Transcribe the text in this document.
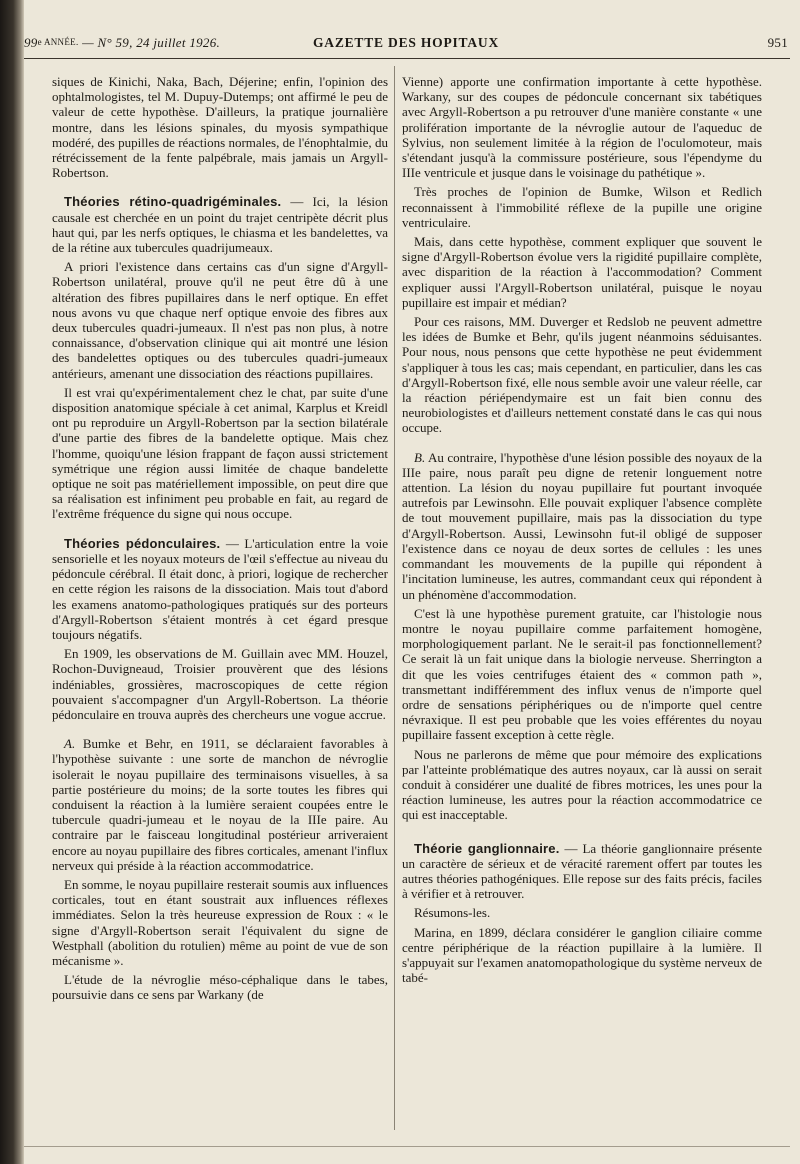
99e ANNÉE. — N° 59, 24 juillet 1926.	GAZETTE DES HOPITAUX	951

siques de Kinichi, Naka, Bach, Déjerine; enfin, l'opinion des ophtalmologistes, tel M. Dupuy-Dutemps; ont affirmé le peu de valeur de cette hypothèse. D'ailleurs, la pratique journalière montre, dans les lésions spinales, du myosis sympathique modéré, des pupilles de réactions normales, de l'énophtalmie, du rétrécissement de la fente palpébrale, mais jamais un Argyll-Robertson.

Théories rétino-quadrigéminales. — Ici, la lésion causale est cherchée en un point du trajet centripète décrit plus haut qui, par les nerfs optiques, le chiasma et les bandelettes, va de la rétine aux tubercules quadrijumeaux.

A priori l'existence dans certains cas d'un signe d'Argyll-Robertson unilatéral, prouve qu'il ne peut être dû à une altération des fibres pupillaires dans le nerf optique. En effet nous avons vu que chaque nerf optique envoie des fibres aux deux tubercules quadri-jumeaux. Il n'est pas non plus, à notre connaissance, d'observation clinique qui ait montré une lésion des bandelettes optiques ou des tubercules quadri-jumeaux antérieurs, amenant une dissociation des réactions pupillaires.

Il est vrai qu'expérimentalement chez le chat, par suite d'une disposition anatomique spéciale à cet animal, Karplus et Kreidl ont pu reproduire un Argyll-Robertson par la section bilatérale d'une partie des fibres de la bandelette optique. Mais chez l'homme, quoiqu'une lésion frappant de façon aussi strictement symétrique une région aussi limitée de chaque bandelette optique ne soit pas matériellement impossible, on peut dire que sa réalisation est infiniment peu probable en fait, au regard de l'extrême fréquence du signe qui nous occupe.

Théories pédonculaires. — L'articulation entre la voie sensorielle et les noyaux moteurs de l'œil s'effectue au niveau du pédoncule cérébral. Il était donc, à priori, logique de rechercher en cette région les raisons de la dissociation. Mais tout d'abord les examens anatomo-pathologiques pratiqués sur des porteurs d'Argyll-Robertson s'étaient montrés à cet égard presque toujours négatifs.

En 1909, les observations de M. Guillain avec MM. Houzel, Rochon-Duvigneaud, Troisier prouvèrent que des lésions indéniables, grossières, macroscopiques de cette région pouvaient s'accompagner d'un Argyll-Robertson. La théorie pédonculaire en trouva auprès des chercheurs une vogue accrue.

A. Bumke et Behr, en 1911, se déclaraient favorables à l'hypothèse suivante : une sorte de manchon de névroglie isolerait le noyau pupillaire des terminaisons visuelles, à sa partie postérieure du moins; de la sorte toutes les fibres qui conduisent la réaction à la lumière seraient coupées entre le tubercule quadri-jumeau et le noyau de la IIIe paire. Au contraire par le faisceau longitudinal postérieur arriveraient encore au noyau pupillaire des fibres corticales, amenant l'influx nerveux qui préside à la réaction accommodatrice.

En somme, le noyau pupillaire resterait soumis aux influences corticales, tout en étant soustrait aux influences réflexes immédiates. Selon la très heureuse expression de Roux : « le signe d'Argyll-Robertson serait l'équivalent du signe de Westphall (abolition du rotulien) même au point de vue de son mécanisme ».

L'étude de la névroglie méso-céphalique dans le tabes, poursuivie dans ce sens par Warkany (de

Vienne) apporte une confirmation importante à cette hypothèse. Warkany, sur des coupes de pédoncule concernant six tabétiques avec Argyll-Robertson a pu retrouver d'une manière constante « une prolifération importante de la névroglie autour de l'aqueduc de Sylvius, non seulement limitée à la région de l'oculomoteur, mais s'étendant jusqu'à la commissure postérieure, sous l'épendyme du IIIe ventricule et jusque dans le voisinage du pathétique ».

Très proches de l'opinion de Bumke, Wilson et Redlich reconnaissent à l'immobilité réflexe de la pupille une origine ventriculaire.

Mais, dans cette hypothèse, comment expliquer que souvent le signe d'Argyll-Robertson évolue vers la rigidité pupillaire complète, avec disparition de la réaction à l'accommodation? Comment expliquer aussi l'Argyll-Robertson unilatéral, puisque le noyau pupillaire est impair et médian?

Pour ces raisons, MM. Duverger et Redslob ne peuvent admettre les idées de Bumke et Behr, qu'ils jugent néanmoins séduisantes. Pour nous, nous pensons que cette hypothèse ne peut évidemment s'appliquer à tous les cas; mais cependant, en particulier, dans les cas d'Argyll-Robertson fixé, elle nous semble avoir une valeur réelle, car la réaction périépendymaire est un fait bien connu des neurobiologistes et d'ailleurs nettement constaté dans le cas qui nous occupe.

B. Au contraire, l'hypothèse d'une lésion possible des noyaux de la IIIe paire, nous paraît peu digne de retenir longuement notre attention. La lésion du noyau pupillaire fut pourtant invoquée autrefois par Lewinsohn. Elle pouvait expliquer l'absence complète de tout mouvement pupillaire, mais pas la dissociation du type d'Argyll-Robertson. Aussi, Lewinsohn fut-il obligé de supposer l'existence dans ce noyau de deux sortes de cellules : les unes commandant les mouvements de la pupille qui répondent à l'incitation lumineuse, les autres, commandant ceux qui répondent à un phénomène d'accommodation.

C'est là une hypothèse purement gratuite, car l'histologie nous montre le noyau pupillaire comme parfaitement homogène, morphologiquement parlant. Ne le serait-il pas fonctionnellement? Ce serait là un fait unique dans la biologie nerveuse. Sherrington a dit que les voies centrifuges étaient des « common path », transmettant indifféremment des influx venus de n'importe quel ordre de sensations périphériques ou de n'importe quel centre névraxique. Il est peu probable que les voies efférentes du noyau pupillaire fassent exception à cette règle.

Nous ne parlerons de même que pour mémoire des explications par l'atteinte problématique des autres noyaux, car là aussi on serait conduit à considérer une dualité de fibres motrices, les unes pour la réaction lumineuse, les autres pour la réaction accommodatrice ce qui est inacceptable.

Théorie ganglionnaire. — La théorie ganglionnaire présente un caractère de sérieux et de véracité rarement offert par toutes les autres théories pathogéniques. Elle repose sur des faits précis, faciles à vérifier et à retrouver.

Résumons-les.

Marina, en 1899, déclara considérer le ganglion ciliaire comme centre périphérique de la réaction pupillaire à la lumière. Il s'appuyait sur l'examen anatomopathologique du système nerveux de tabé-
